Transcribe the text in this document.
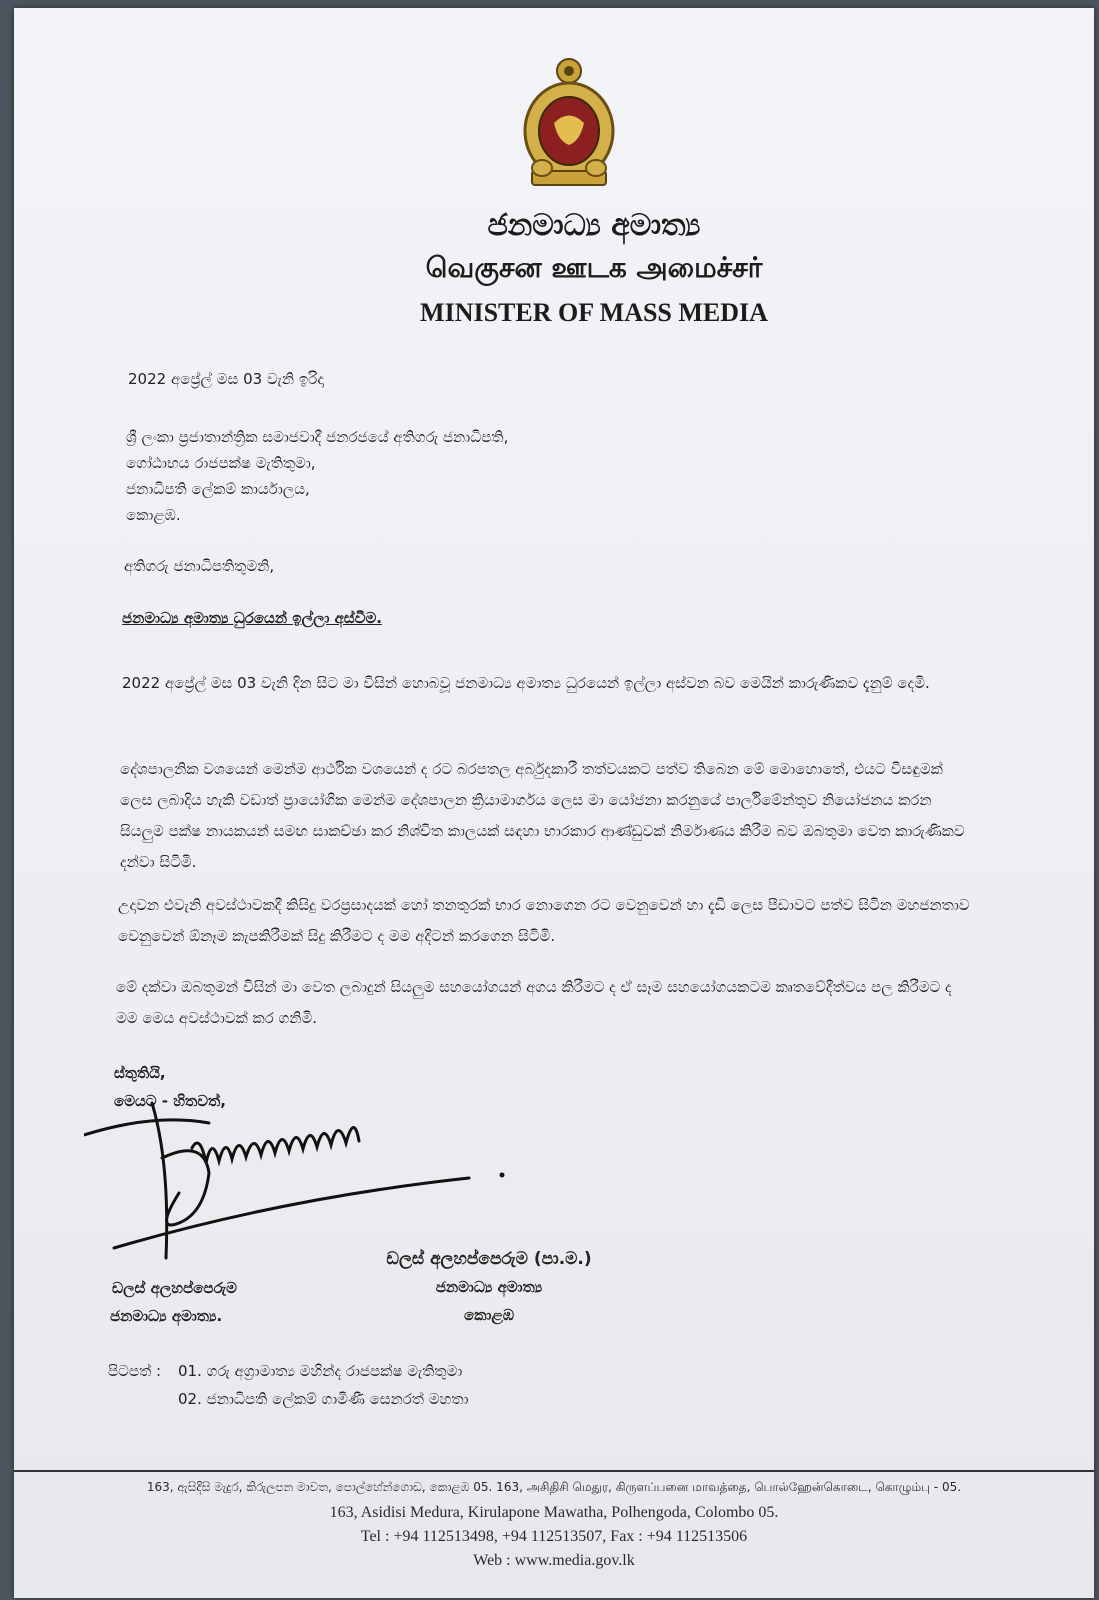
ජනමාධ්‍ය අමාත්‍ය
வெகுசன ஊடக அமைச்சர்
MINISTER OF MASS MEDIA
2022 අප්‍රේල් මස 03 වැනි ඉරිදා
ශ්‍රී ලංකා ප්‍රජාතාන්ත්‍රික සමාජවාදී ජනරජයේ අතිගරු ජනාධිපති,
ගෝඨාභය රාජපක්ෂ මැතිතුමා,
ජනාධිපති ලේකම් කාර්යාලය,
කොළඹ.
අතිගරු ජනාධිපතිතුමනි,
ජනමාධ්‍ය අමාත්‍ය ධුරයෙන් ඉල්ලා අස්වීම.
2022 අප්‍රේල් මස 03 වැනි දින සිට මා විසින් හොබවූ ජනමාධ්‍ය අමාත්‍ය ධුරයෙන් ඉල්ලා අස්වන බව මෙයින් කාරුණිකව දැනුම් දෙමි.
දේශපාලනික වශයෙන් මෙන්ම ආර්ථික වශයෙන් ද රට බරපතල අර්බුදකාරී තත්වයකට පත්ව තිබෙන මේ මොහොතේ, එයට විසඳුමක් ලෙස ලබාදිය හැකි වඩාත් ප්‍රායෝගික මෙන්ම දේශපාලන ක්‍රියාමාර්ගය ලෙස මා යෝජනා කරනුයේ පාර්ලිමේන්තුව නියෝජනය කරන සියලුම පක්ෂ නායකයන් සමඟ සාකච්ඡා කර නිශ්චිත කාලයක් සඳහා භාරකාර ආණ්ඩුවක් නිර්මාණය කිරීම බව ඔබතුමා වෙත කාරුණිකව දන්වා සිටිමි.
උදාවන එවැනි අවස්ථාවකදී කිසිදු වරප්‍රසාදයක් හෝ තනතුරක් භාර නොගෙන රට වෙනුවෙන් හා දැඩි ලෙස පීඩාවට පත්ව සිටින මහජනතාව වෙනුවෙන් ඕනෑම කැපකිරීමක් සිදු කිරීමට ද මම අදිටන් කරගෙන සිටිමි.
මේ දක්වා ඔබතුමන් විසින් මා වෙත ලබාදුන් සියලුම සහයෝගයන් අගය කිරීමට ද ඒ සෑම සහයෝගයකටම කෘතවේදීත්වය පල කිරීමට ද මම මෙය අවස්ථාවක් කර ගනිමි.
ස්තුතියි,
මෙයට - හිතවත්,
ඩලස් අලහප්පෙරුම
ජනමාධ්‍ය අමාත්‍ය.
ඩලස් අලහප්පෙරුම (පා.ම.)
ජනමාධ්‍ය අමාත්‍ය
කොළඹ
පිටපත් : 01. ගරු අග්‍රාමාත්‍ය මහින්ද රාජපක්ෂ මැතිතුමා
02. ජනාධිපති ලේකම් ගාමිණී සෙනරත් මහතා
163, ඇසිදිසි මැදුර, කිරුලපන මාවත, පොල්හේන්ගොඩ, කොළඹ 05. 163, அசிதிசி மெதுர, கிருளப்பனை மாவத்தை, பொல்ஹேன்கொடை, கொழும்பு - 05.
163, Asidisi Medura, Kirulapone Mawatha, Polhengoda, Colombo 05.
Tel : +94 112513498, +94 112513507, Fax : +94 112513506
Web : www.media.gov.lk
